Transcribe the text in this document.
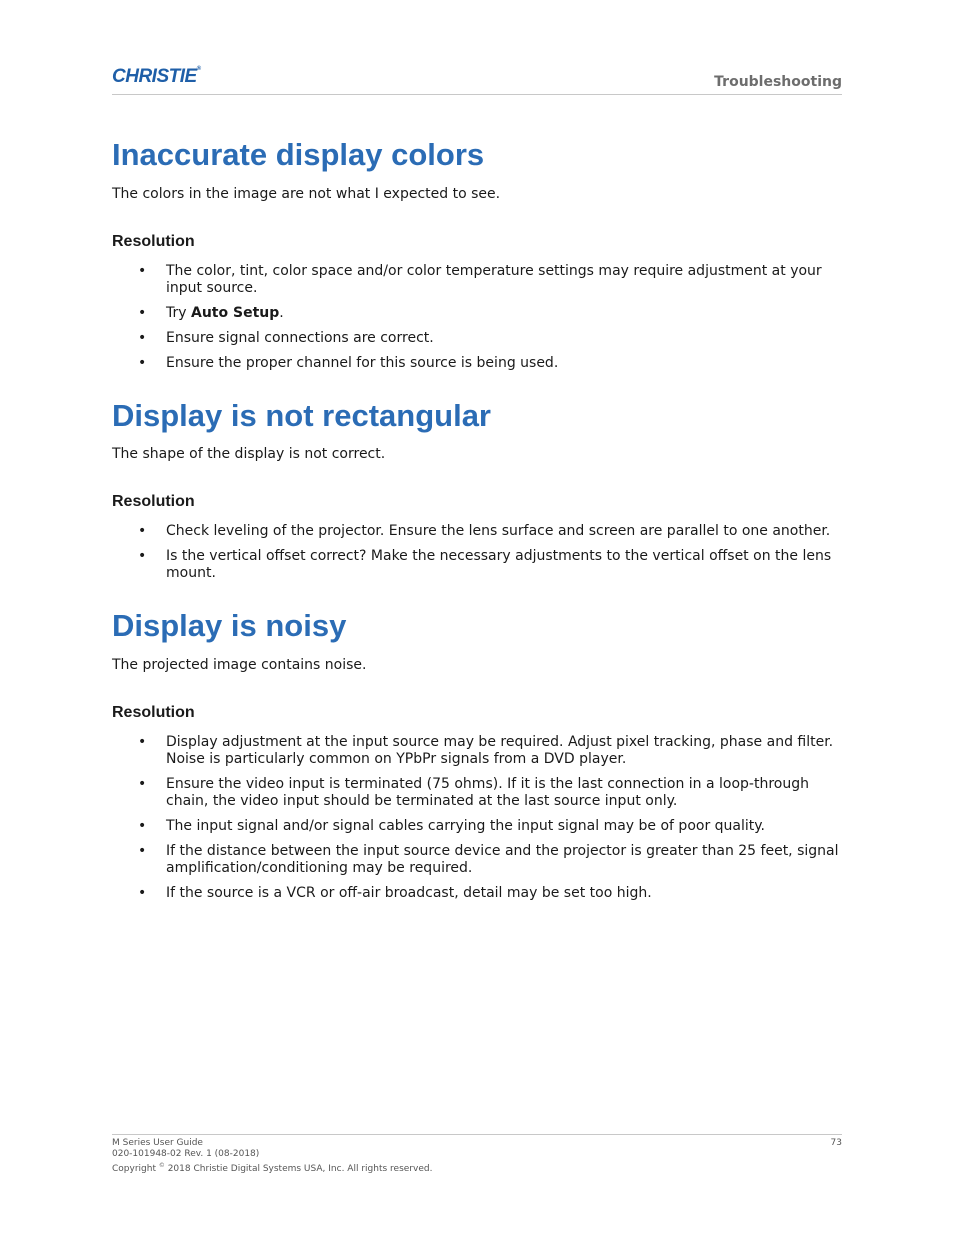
CHRISTIE®
Troubleshooting
Inaccurate display colors

The colors in the image are not what I expected to see.

Resolution
• The color, tint, color space and/or color temperature settings may require adjustment at your input source.
• Try Auto Setup.
• Ensure signal connections are correct.
• Ensure the proper channel for this source is being used.
Display is not rectangular

The shape of the display is not correct.

Resolution
• Check leveling of the projector. Ensure the lens surface and screen are parallel to one another.
• Is the vertical offset correct? Make the necessary adjustments to the vertical offset on the lens mount.
Display is noisy

The projected image contains noise.

Resolution
• Display adjustment at the input source may be required. Adjust pixel tracking, phase and filter. Noise is particularly common on YPbPr signals from a DVD player.
• Ensure the video input is terminated (75 ohms). If it is the last connection in a loop-through chain, the video input should be terminated at the last source input only.
• The input signal and/or signal cables carrying the input signal may be of poor quality.
• If the distance between the input source device and the projector is greater than 25 feet, signal amplification/conditioning may be required.
• If the source is a VCR or off-air broadcast, detail may be set too high.
M Series User Guide
020-101948-02 Rev. 1 (08-2018)
Copyright © 2018 Christie Digital Systems USA, Inc. All rights reserved.
73
